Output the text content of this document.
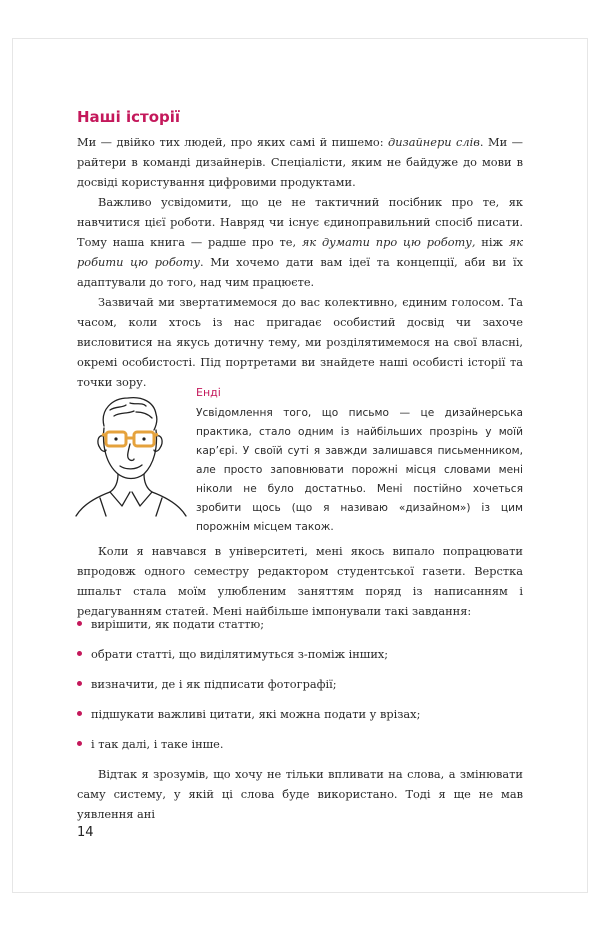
Наші історії

Ми — двійко тих людей, про яких самі й пишемо: дизайнери слів. Ми — райтери в команді дизайнерів. Спеціалісти, яким не байдуже до мови в досвіді користування цифровими продуктами.

Важливо усвідомити, що це не тактичний посібник про те, як навчитися цієї роботи. Навряд чи існує єдиноправильний спосіб писати. Тому наша книга — радше про те, як думати про цю роботу, ніж як робити цю роботу. Ми хочемо дати вам ідеї та концепції, аби ви їх адаптували до того, над чим працюєте.

Зазвичай ми звертатимемося до вас колективно, єдиним голосом. Та часом, коли хтось із нас пригадає особистий досвід чи захоче висловитися на якусь дотичну тему, ми розділятимемося на свої власні, окремі особистості. Під портретами ви знайдете наші особисті історії та точки зору.

Енді

Усвідомлення того, що письмо — це дизайнерська практика, стало одним із найбільших прозрінь у моїй кар’єрі. У своїй суті я завжди залишався письменником, але просто заповнювати порожні місця словами мені ніколи не було достатньо. Мені постійно хочеться зробити щось (що я називаю «дизайном») із цим порожнім місцем також.

Коли я навчався в університеті, мені якось випало попрацювати впродовж одного семестру редактором студентської газети. Верстка шпальт стала моїм улюбленим заняттям поряд із написанням і редагуванням статей. Мені найбільше імпонували такі завдання:

вирішити, як подати статтю;
обрати статті, що виділятимуться з-поміж інших;
визначити, де і як підписати фотографії;
підшукати важливі цитати, які можна подати у врізах;
і так далі, і таке інше.

Відтак я зрозумів, що хочу не тільки впливати на слова, а змінювати саму систему, у якій ці слова буде використано. Тоді я ще не мав уявлення ані

14
